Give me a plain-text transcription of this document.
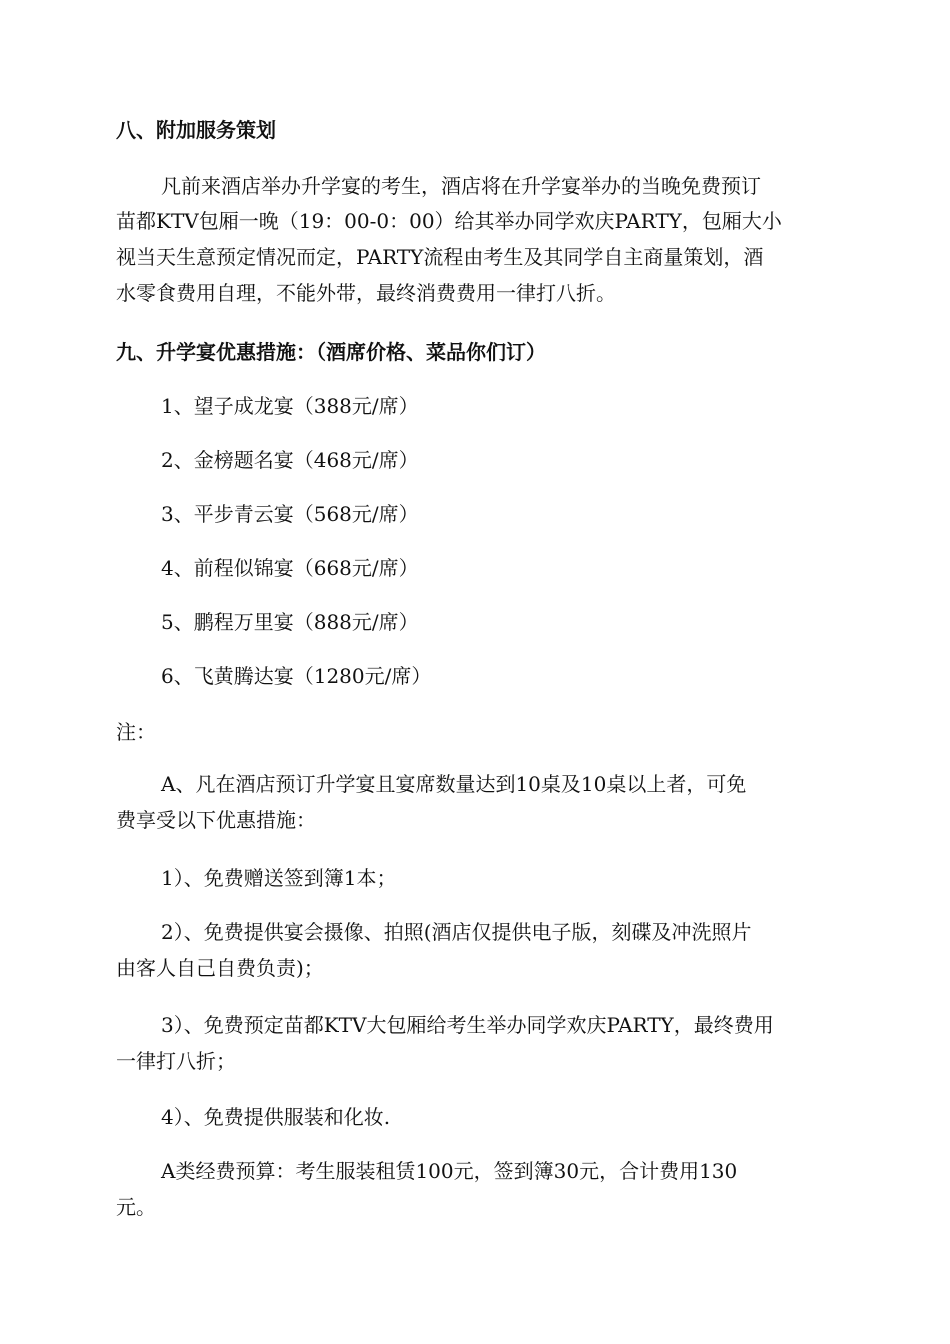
八、附加服务策划
凡前来酒店举办升学宴的考生，酒店将在升学宴举办的当晚免费预订
苗都KTV包厢一晚（19：00-0：00）给其举办同学欢庆PARTY，包厢大小
视当天生意预定情况而定，PARTY流程由考生及其同学自主商量策划，酒
水零食费用自理，不能外带，最终消费费用一律打八折。
九、升学宴优惠措施：（酒席价格、菜品你们订）
1、望子成龙宴（388元/席）
2、金榜题名宴（468元/席）
3、平步青云宴（568元/席）
4、前程似锦宴（668元/席）
5、鹏程万里宴（888元/席）
6、飞黄腾达宴（1280元/席）
注：
A、凡在酒店预订升学宴且宴席数量达到10桌及10桌以上者，可免
费享受以下优惠措施：
1）、免费赠送签到簿1本；
2）、免费提供宴会摄像、拍照(酒店仅提供电子版，刻碟及冲洗照片
由客人自己自费负责)；
3）、免费预定苗都KTV大包厢给考生举办同学欢庆PARTY，最终费用
一律打八折；
4）、免费提供服装和化妆.
A类经费预算：考生服装租赁100元，签到簿30元，合计费用130
元。
